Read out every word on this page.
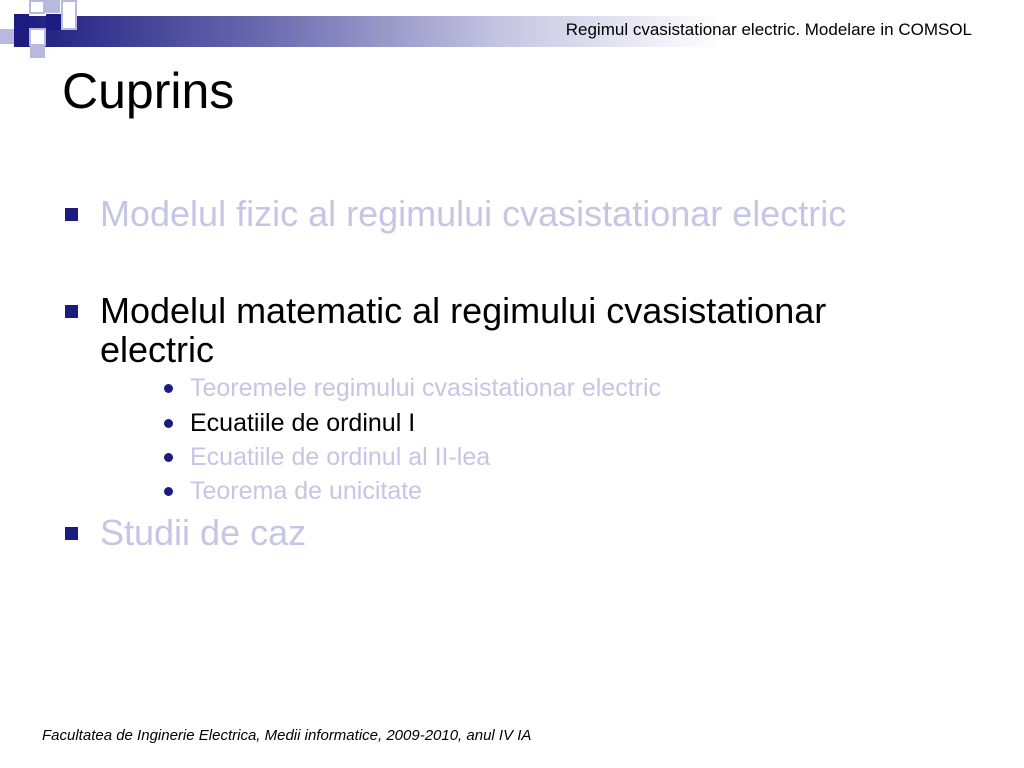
Regimul cvasistationar electric. Modelare in COMSOL
Cuprins
Modelul fizic al regimului cvasistationar electric
Modelul matematic al regimului cvasistationar electric
Teoremele regimului cvasistationar electric
Ecuatiile de ordinul I
Ecuatiile de ordinul al II-lea
Teorema de unicitate
Studii de caz
Facultatea de Inginerie Electrica, Medii informatice, 2009-2010, anul IV IA
